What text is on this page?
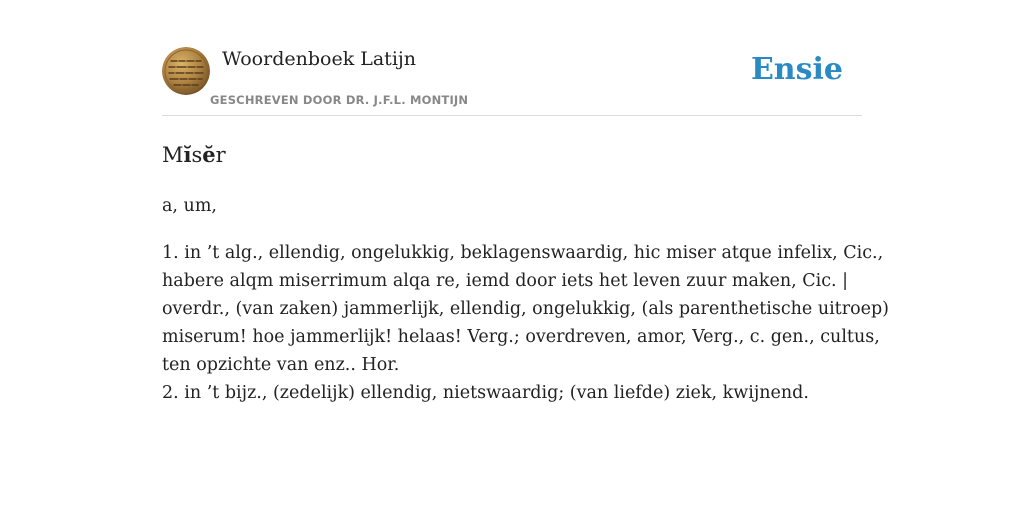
Woordenboek Latijn
GESCHREVEN DOOR DR. J.F.L. MONTIJN
Ensie
Mĭsĕr
a, um,
1. in ’t alg., ellendig, ongelukkig, beklagenswaardig, hic miser atque infelix, Cic.,
habere alqm miserrimum alqa re, iemd door iets het leven zuur maken, Cic. |
overdr., (van zaken) jammerlijk, ellendig, ongelukkig, (als parenthetische uitroep)
miserum! hoe jammerlijk! helaas! Verg.; overdreven, amor, Verg., c. gen., cultus,
ten opzichte van enz.. Hor.
2. in ’t bijz., (zedelijk) ellendig, nietswaardig; (van liefde) ziek, kwijnend.
